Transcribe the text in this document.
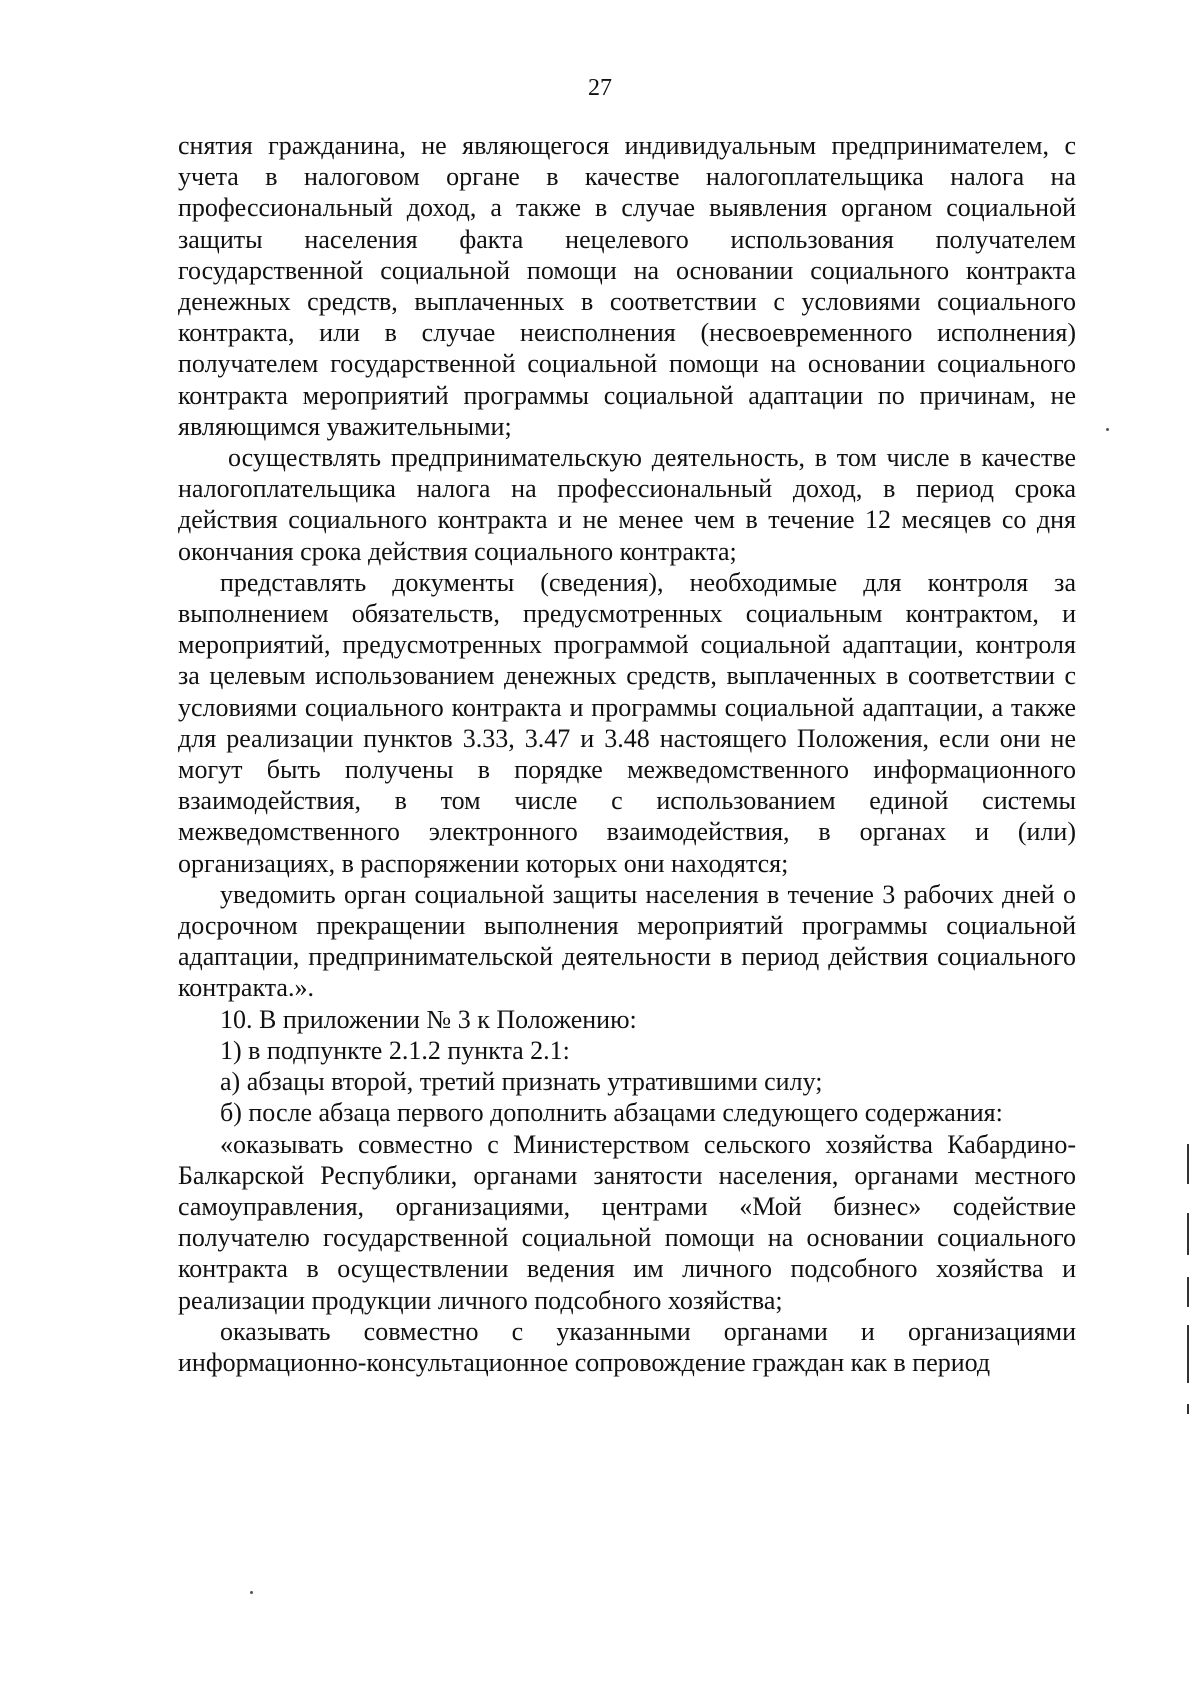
27

снятия гражданина, не являющегося индивидуальным предпринимателем, с учета в налоговом органе в качестве налогоплательщика налога на профессиональный доход, а также в случае выявления органом социальной защиты населения факта нецелевого использования получателем государственной социальной помощи на основании социального контракта денежных средств, выплаченных в соответствии с условиями социального контракта, или в случае неисполнения (несвоевременного исполнения) получателем государственной социальной помощи на основании социального контракта мероприятий программы социальной адаптации по причинам, не являющимся уважительными;

осуществлять предпринимательскую деятельность, в том числе в качестве налогоплательщика налога на профессиональный доход, в период срока действия социального контракта и не менее чем в течение 12 месяцев со дня окончания срока действия социального контракта;

представлять документы (сведения), необходимые для контроля за выполнением обязательств, предусмотренных социальным контрактом, и мероприятий, предусмотренных программой социальной адаптации, контроля за целевым использованием денежных средств, выплаченных в соответствии с условиями социального контракта и программы социальной адаптации, а также для реализации пунктов 3.33, 3.47 и 3.48 настоящего Положения, если они не могут быть получены в порядке межведомственного информационного взаимодействия, в том числе с использованием единой системы межведомственного электронного взаимодействия, в органах и (или) организациях, в распоряжении которых они находятся;

уведомить орган социальной защиты населения в течение 3 рабочих дней о досрочном прекращении выполнения мероприятий программы социальной адаптации, предпринимательской деятельности в период действия социального контракта.».

10. В приложении № 3 к Положению:

1) в подпункте 2.1.2 пункта 2.1:

а) абзацы второй, третий признать утратившими силу;

б) после абзаца первого дополнить абзацами следующего содержания:

«оказывать совместно с Министерством сельского хозяйства Кабардино-Балкарской Республики, органами занятости населения, органами местного самоуправления, организациями, центрами «Мой бизнес» содействие получателю государственной социальной помощи на основании социального контракта в осуществлении ведения им личного подсобного хозяйства и реализации продукции личного подсобного хозяйства;

оказывать совместно с указанными органами и организациями информационно-консультационное сопровождение граждан как в период
